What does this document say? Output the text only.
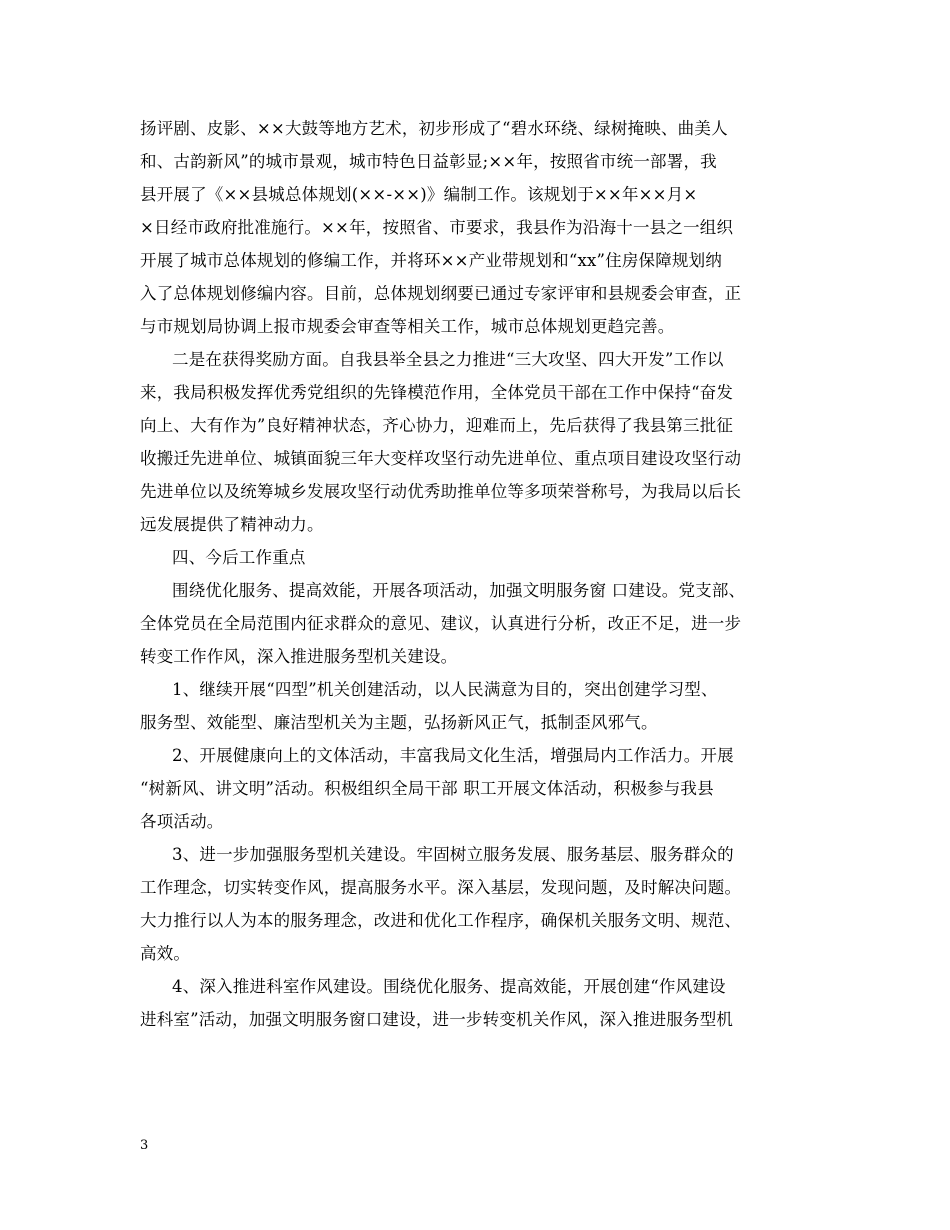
扬评剧、皮影、××大鼓等地方艺术，初步形成了“碧水环绕、绿树掩映、曲美人
和、古韵新风”的城市景观，城市特色日益彰显;××年，按照省市统一部署，我
县开展了《××县城总体规划(××-××)》编制工作。该规划于××年××月×
×日经市政府批准施行。××年，按照省、市要求，我县作为沿海十一县之一组织
开展了城市总体规划的修编工作，并将环××产业带规划和“xx”住房保障规划纳
入了总体规划修编内容。目前，总体规划纲要已通过专家评审和县规委会审查，正
与市规划局协调上报市规委会审查等相关工作，城市总体规划更趋完善。
二是在获得奖励方面。自我县举全县之力推进“三大攻坚、四大开发”工作以
来，我局积极发挥优秀党组织的先锋模范作用，全体党员干部在工作中保持“奋发
向上、大有作为”良好精神状态，齐心协力，迎难而上，先后获得了我县第三批征
收搬迁先进单位、城镇面貌三年大变样攻坚行动先进单位、重点项目建设攻坚行动
先进单位以及统筹城乡发展攻坚行动优秀助推单位等多项荣誉称号，为我局以后长
远发展提供了精神动力。
四、今后工作重点
围绕优化服务、提高效能，开展各项活动，加强文明服务窗 口建设。党支部、
全体党员在全局范围内征求群众的意见、建议，认真进行分析，改正不足，进一步
转变工作作风，深入推进服务型机关建设。
1、继续开展“四型”机关创建活动，以人民满意为目的，突出创建学习型、
服务型、效能型、廉洁型机关为主题，弘扬新风正气，抵制歪风邪气。
2、开展健康向上的文体活动，丰富我局文化生活，增强局内工作活力。开展
“树新风、讲文明”活动。积极组织全局干部 职工开展文体活动，积极参与我县
各项活动。
3、进一步加强服务型机关建设。牢固树立服务发展、服务基层、服务群众的
工作理念，切实转变作风，提高服务水平。深入基层，发现问题，及时解决问题。
大力推行以人为本的服务理念，改进和优化工作程序，确保机关服务文明、规范、
高效。
4、深入推进科室作风建设。围绕优化服务、提高效能，开展创建“作风建设
进科室”活动，加强文明服务窗口建设，进一步转变机关作风，深入推进服务型机
3
